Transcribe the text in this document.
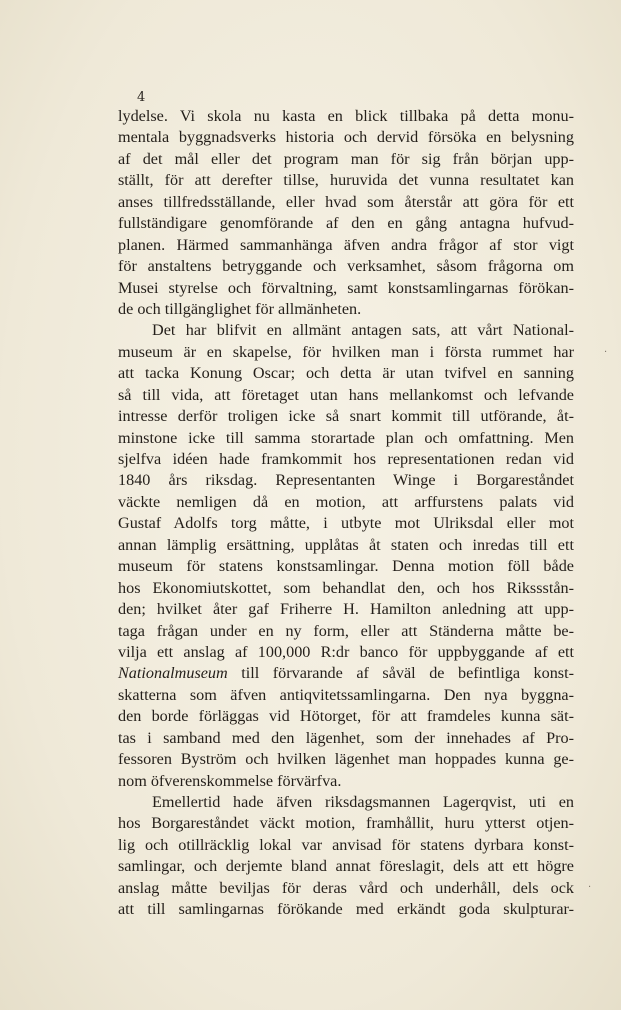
4
lydelse. Vi skola nu kasta en blick tillbaka på detta monu-
mentala byggnadsverks historia och dervid försöka en belysning
af det mål eller det program man för sig från början upp-
ställt, för att derefter tillse, huruvida det vunna resultatet kan
anses tillfredsställande, eller hvad som återstår att göra för ett
fullständigare genomförande af den en gång antagna hufvud-
planen. Härmed sammanhänga äfven andra frågor af stor vigt
för anstaltens betryggande och verksamhet, såsom frågorna om
Musei styrelse och förvaltning, samt konstsamlingarnas förökan-
de och tillgänglighet för allmänheten.
Det har blifvit en allmänt antagen sats, att vårt National-
museum är en skapelse, för hvilken man i första rummet har
att tacka Konung Oscar; och detta är utan tvifvel en sanning
så till vida, att företaget utan hans mellankomst och lefvande
intresse derför troligen icke så snart kommit till utförande, åt-
minstone icke till samma storartade plan och omfattning. Men
sjelfva idéen hade framkommit hos representationen redan vid
1840 års riksdag. Representanten Winge i Borgareståndet
väckte nemligen då en motion, att arffurstens palats vid
Gustaf Adolfs torg måtte, i utbyte mot Ulriksdal eller mot
annan lämplig ersättning, upplåtas åt staten och inredas till ett
museum för statens konstsamlingar. Denna motion föll både
hos Ekonomiutskottet, som behandlat den, och hos Rikssstån-
den; hvilket åter gaf Friherre H. Hamilton anledning att upp-
taga frågan under en ny form, eller att Ständerna måtte be-
vilja ett anslag af 100,000 R:dr banco för uppbyggande af ett
Nationalmuseum till förvarande af såväl de befintliga konst-
skatterna som äfven antiqvitetssamlingarna. Den nya byggna-
den borde förläggas vid Hötorget, för att framdeles kunna sät-
tas i samband med den lägenhet, som der innehades af Pro-
fessoren Byström och hvilken lägenhet man hoppades kunna ge-
nom öfverenskommelse förvärfva.
Emellertid hade äfven riksdagsmannen Lagerqvist, uti en
hos Borgareståndet väckt motion, framhållit, huru ytterst otjen-
lig och otillräcklig lokal var anvisad för statens dyrbara konst-
samlingar, och derjemte bland annat föreslagit, dels att ett högre
anslag måtte beviljas för deras vård och underhåll, dels ock
att till samlingarnas förökande med erkändt goda skulpturar-
·
·
